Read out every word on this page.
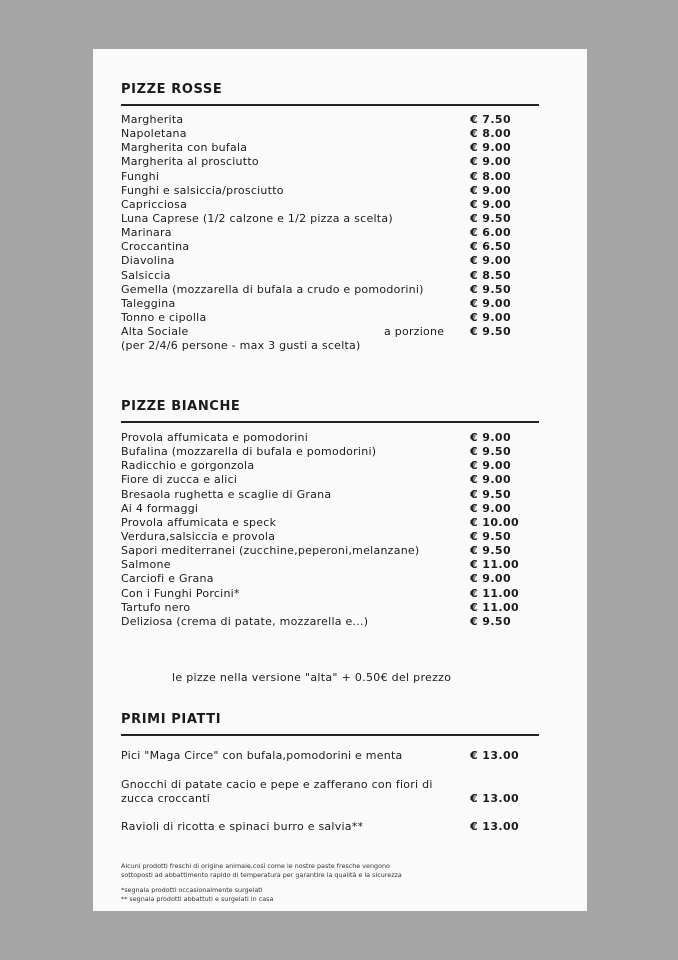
PIZZE ROSSE
Margherita	€ 7.50
Napoletana	€ 8.00
Margherita con bufala	€ 9.00
Margherita al prosciutto	€ 9.00
Funghi	€ 8.00
Funghi e salsiccia/prosciutto	€ 9.00
Capricciosa	€ 9.00
Luna Caprese (1/2 calzone e 1/2 pizza a scelta)	€ 9.50
Marinara	€ 6.00
Croccantina	€ 6.50
Diavolina	€ 9.00
Salsiccia	€ 8.50
Gemella (mozzarella di bufala a crudo e pomodorini)	€ 9.50
Taleggina	€ 9.00
Tonno e cipolla	€ 9.00
Alta Sociale	a porzione € 9.50
(per 2/4/6 persone - max 3 gusti a scelta)
PIZZE BIANCHE
Provola affumicata e pomodorini	€ 9.00
Bufalina (mozzarella di bufala e pomodorini)	€ 9.50
Radicchio e gorgonzola	€ 9.00
Fiore di zucca e alici	€ 9.00
Bresaola rughetta e scaglie di Grana	€ 9.50
Ai 4 formaggi	€ 9.00
Provola affumicata e speck	€ 10.00
Verdura,salsiccia e provola	€ 9.50
Sapori mediterranei (zucchine,peperoni,melanzane)	€ 9.50
Salmone	€ 11.00
Carciofi e Grana	€ 9.00
Con i Funghi Porcini*	€ 11.00
Tartufo nero	€ 11.00
Deliziosa (crema di patate, mozzarella e...)	€ 9.50
le pizze nella versione "alta" + 0.50€ del prezzo
PRIMI PIATTI
Pici "Maga Circe" con bufala,pomodorini e menta	€ 13.00
Gnocchi di patate cacio e pepe e zafferano con fiori di
zucca croccanti	€ 13.00
Ravioli di ricotta e spinaci burro e salvia**	€ 13.00
Alcuni prodotti freschi di origine animale,così come le nostre paste fresche vengono
sottoposti ad abbattimento rapido di temperatura per garantire la qualità e la sicurezza
*segnala prodotti occasionalmente surgelati
** segnala prodotti abbattuti e surgelati in casa
